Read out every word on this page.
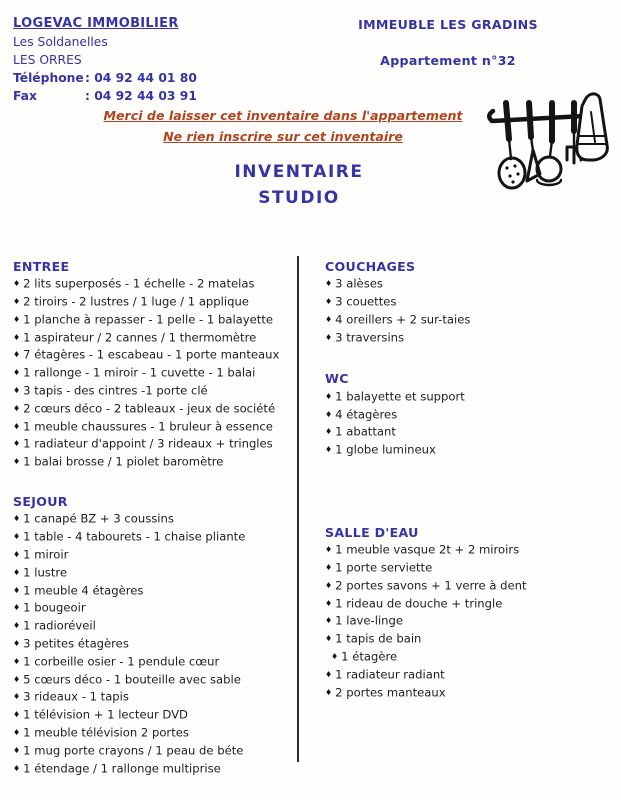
LOGEVAC IMMOBILIER
Les Soldanelles
LES ORRES
Téléphone : 04 92 44 01 80
Fax	: 04 92 44 03 91
IMMEUBLE LES GRADINS
Appartement n°32
Merci de laisser cet inventaire dans l'appartement
Ne rien inscrire sur cet inventaire
INVENTAIRE
STUDIO
ENTREE
♦ 2 lits superposés - 1 échelle - 2 matelas
♦ 2 tiroirs - 2 lustres / 1 luge / 1 applique
♦ 1 planche à repasser - 1 pelle - 1 balayette
♦ 1 aspirateur / 2 cannes / 1 thermomètre
♦ 7 étagères - 1 escabeau - 1 porte manteaux
♦ 1 rallonge - 1 miroir - 1 cuvette - 1 balai
♦ 3 tapis - des cintres -1 porte clé
♦ 2 cœurs déco - 2 tableaux - jeux de société
♦ 1 meuble chaussures - 1 bruleur à essence
♦ 1 radiateur d'appoint / 3 rideaux + tringles
♦ 1 balai brosse / 1 piolet baromètre
SEJOUR
♦ 1 canapé BZ + 3 coussins
♦ 1 table - 4 tabourets - 1 chaise pliante
♦ 1 miroir
♦ 1 lustre
♦ 1 meuble 4 étagères
♦ 1 bougeoir
♦ 1 radioréveil
♦ 3 petites étagères
♦ 1 corbeille osier - 1 pendule cœur
♦ 5 cœurs déco - 1 bouteille avec sable
♦ 3 rideaux - 1 tapis
♦ 1 télévision + 1 lecteur DVD
♦ 1 meuble télévision 2 portes
♦ 1 mug porte crayons / 1 peau de béte
♦ 1 étendage / 1 rallonge multiprise
COUCHAGES
♦ 3 alèses
♦ 3 couettes
♦ 4 oreillers + 2 sur-taies
♦ 3 traversins
WC
♦ 1 balayette et support
♦ 4 étagères
♦ 1 abattant
♦ 1 globe lumineux
SALLE D'EAU
♦ 1 meuble vasque 2t + 2 miroirs
♦ 1 porte serviette
♦ 2 portes savons + 1 verre à dent
♦ 1 rideau de douche + tringle
♦ 1 lave-linge
♦ 1 tapis de bain
♦ 1 étagère
♦ 1 radiateur radiant
♦ 2 portes manteaux
